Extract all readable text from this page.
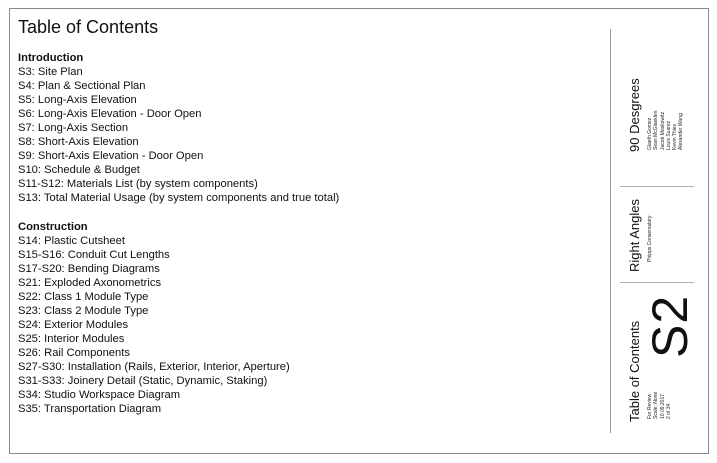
Table of Contents
Introduction
S3: Site Plan
S4: Plan & Sectional Plan
S5: Long-Axis Elevation
S6: Long-Axis Elevation - Door Open
S7: Long-Axis Section
S8: Short-Axis Elevation
S9: Short-Axis Elevation - Door Open
S10: Schedule & Budget
S11-S12: Materials List (by system components)
S13: Total Material Usage (by system components and true total)
Construction
S14: Plastic Cutsheet
S15-S16: Conduit Cut Lengths
S17-S20: Bending Diagrams
S21: Exploded Axonometrics
S22: Class 1 Module Type
S23: Class 2 Module Type
S24: Exterior Modules
S25: Interior Modules
S26: Rail Components
S27-S30: Installation (Rails, Exterior, Interior, Aperture)
S31-S33: Joinery Detail (Static, Dynamic, Staking)
S34: Studio Workspace Diagram
S35: Transportation Diagram
90 Desgrees Glaeth Gomez Sean McGlaeklen Jacob Moskowitz Louis Suarez Kevin Thies Alexander Wang
Right Angles Phipps Conservatory
Table of Contents For Review Scale: None 10.09.2017 2 of 34
S2
